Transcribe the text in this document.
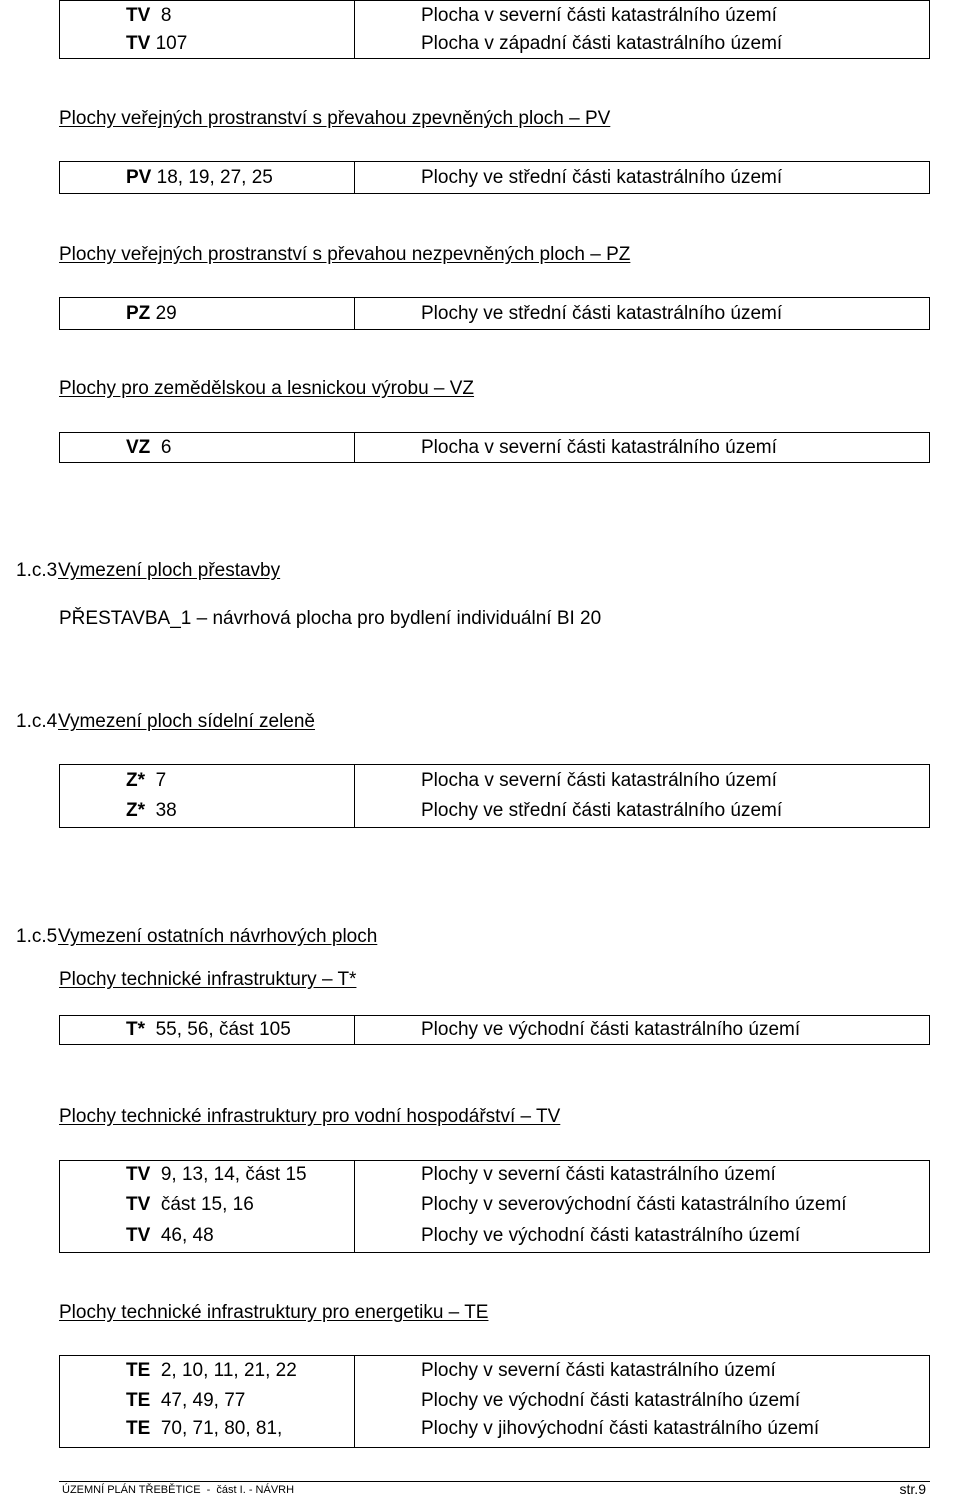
TV 8	Plocha v severní části katastrálního území
TV 107	Plocha v západní části katastrálního území
Plochy veřejných prostranství s převahou zpevněných ploch – PV
PV 18, 19, 27, 25	Plochy ve střední části katastrálního území
Plochy veřejných prostranství s převahou nezpevněných ploch – PZ
PZ 29	Plochy ve střední části katastrálního území
Plochy pro zemědělskou a lesnickou výrobu – VZ
VZ 6	Plocha v severní části katastrálního území
1.c.3Vymezení ploch přestavby
PŘESTAVBA_1 – návrhová plocha pro bydlení individuální BI 20
1.c.4Vymezení ploch sídelní zeleně
Z* 7	Plocha v severní části katastrálního území
Z* 38	Plochy ve střední části katastrálního území
1.c.5Vymezení ostatních návrhových ploch
Plochy technické infrastruktury – T*
T* 55, 56, část 105	Plochy ve východní části katastrálního území
Plochy technické infrastruktury pro vodní hospodářství – TV
TV 9, 13, 14, část 15	Plochy v severní části katastrálního území
TV část 15, 16	Plochy v severovýchodní části katastrálního území
TV 46, 48	Plochy ve východní části katastrálního území
Plochy technické infrastruktury pro energetiku – TE
TE 2, 10, 11, 21, 22	Plochy v severní části katastrálního území
TE 47, 49, 77	Plochy ve východní části katastrálního území
TE 70, 71, 80, 81,	Plochy v jihovýchodní části katastrálního území
ÚZEMNÍ PLÁN TŘEBĚTICE  -  část I. - NÁVRH	str.9
